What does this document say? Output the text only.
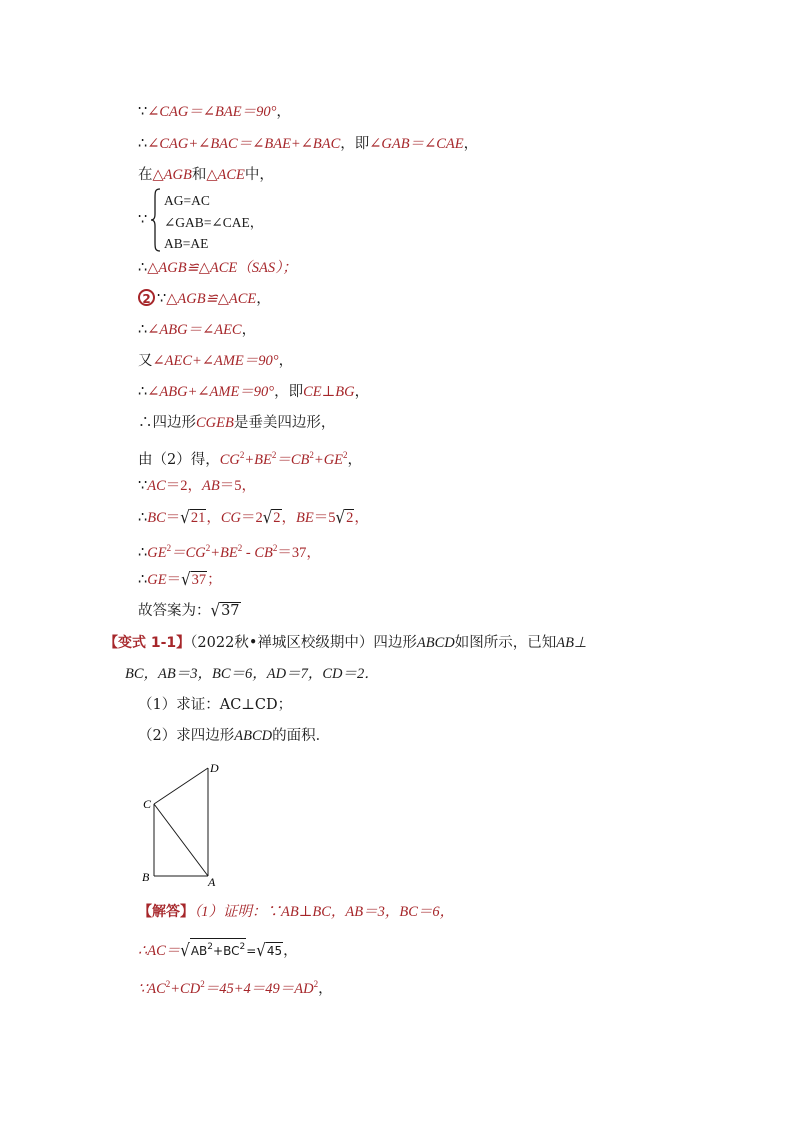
∵∠CAG＝∠BAE＝90°，
∴∠CAG+∠BAC＝∠BAE+∠BAC，即∠GAB＝∠CAE，
在△AGB和△ACE中，
∵
AG=AC
∠GAB=∠CAE，
AB=AE
∴△AGB≌△ACE（SAS）；
2 ∵△AGB≌△ACE，
∴∠ABG＝∠AEC，
又∠AEC+∠AME＝90°，
∴∠ABG+∠AME＝90°，即CE⊥BG，
∴四边形CGEB是垂美四边形，
由（2）得，$CG^2+BE^2=CB^2+GE^2$，
∵AC＝2，AB＝5，
∴BC＝√21，CG＝2√2，BE＝5√2，
$\therefore GE^2=CG^2+BE^2 - CB^2=37$，
∴GE＝√37；
故答案为：√37
【变式 1-1】（2022秋•禅城区校级期中）四边形ABCD如图所示，已知AB⊥
BC，AB＝3，BC＝6，AD＝7，CD＝2．
（1）求证：AC⊥CD；
（2）求四边形ABCD的面积．
D
C
B	A
【解答】（1）证明：∵AB⊥BC，AB＝3，BC＝6，
$\therefore AC=√AB^2+BC^2=√45$，
$\because AC^2+CD^2=45+4=49=AD^2$，
